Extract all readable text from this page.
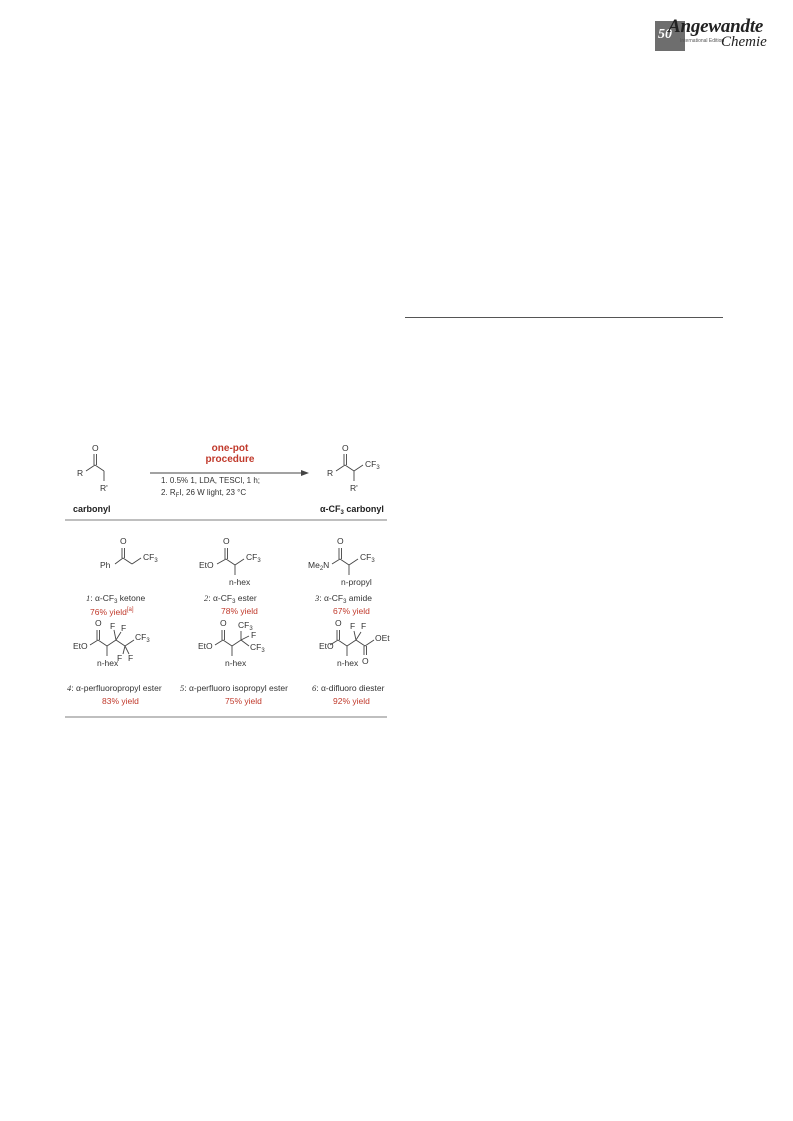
50
Angewandte
International Edition
Chemie
one-pot
procedure
1. 0.5% 1, LDA, TESCl, 1 h;
2. $R_FI$, 26 W light, 23 °C
O
R
R'
carbonyl
O
R
R'
$CF_3$
$\alpha-CF_3$ carbonyl
O
Ph
$CF_3$
O
EtO
$CF_3$
n-hex
O
$Me_2N$
$CF_3$
n-propyl
O
EtO
F F
$CF_3$
F F
n-hex
O
EtO
$CF_3$
F
$CF_3$
n-hex
O
EtO
F F
OEt
O
n-hex
1: $\alpha-CF_3$ ketone
76% yield[a]
2: $\alpha-CF_3$ ester
78% yield
3: $\alpha-CF_3$ amide
67% yield
4: α-perfluoropropyl ester
83% yield
5: α-perfluoro isopropyl ester
75% yield
6: α-difluoro diester
92% yield
